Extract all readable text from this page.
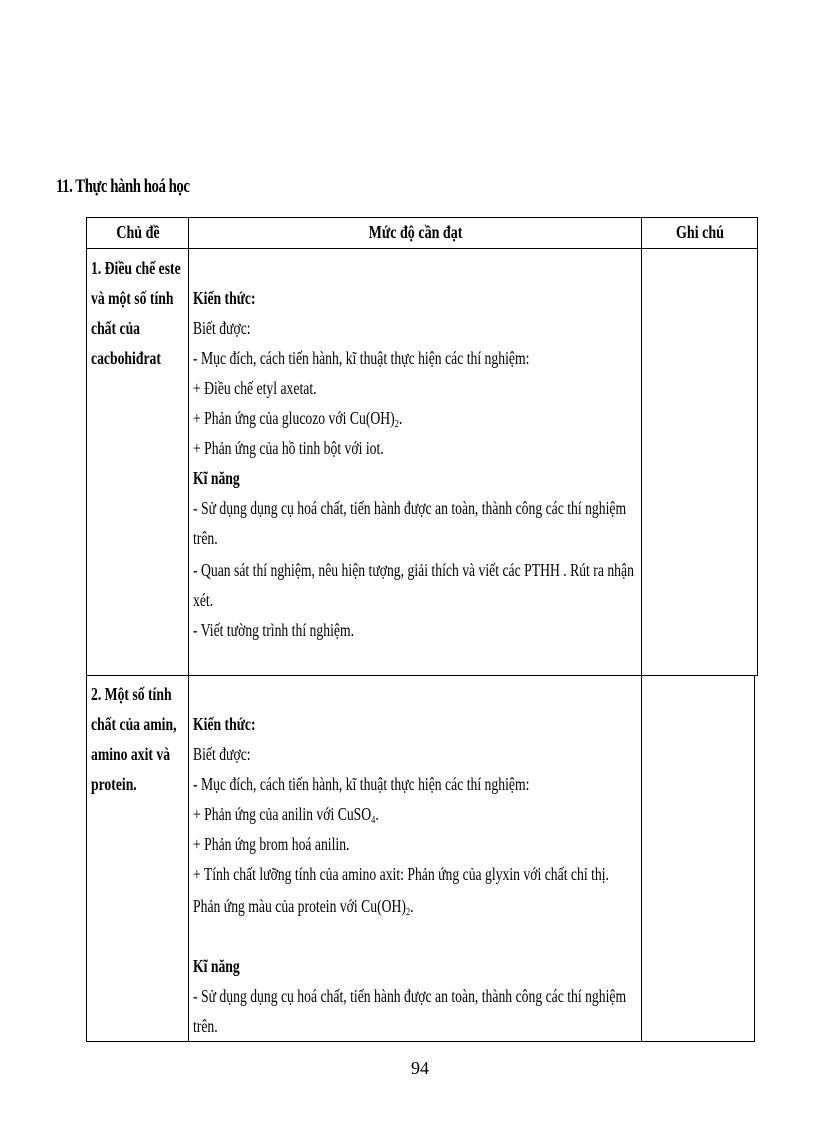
11. Thực hành hoá học
Chủ đề	Mức độ cần đạt	Ghi chú
1. Điều chế este
và một số tính
chất của
cacbohiđrat
Kiến thức:
Biết được:
- Mục đích, cách tiến hành, kĩ thuật thực hiện các thí nghiệm:
+ Điều chế etyl axetat.
+ Phản ứng của glucozo với $Cu(OH)_2$.
+ Phản ứng của hồ tinh bột với iot.
Kĩ năng
- Sử dụng dụng cụ hoá chất, tiến hành được an toàn, thành công các thí nghiệm
trên.
- Quan sát thí nghiệm, nêu hiện tượng, giải thích và viết các PTHH . Rút ra nhận
xét.
- Viết tường trình thí nghiệm.
2. Một số tính
chất của amin,
amino axit và
protein.
Kiến thức:
Biết được:
- Mục đích, cách tiến hành, kĩ thuật thực hiện các thí nghiệm:
+ Phản ứng của anilin với CuSO$_4$.
+ Phản ứng brom hoá anilin.
+ Tính chất lưỡng tính của amino axit: Phản ứng của glyxin với chất chỉ thị.
Phản ứng màu của protein với $Cu(OH)_2$.
Kĩ năng
- Sử dụng dụng cụ hoá chất, tiến hành được an toàn, thành công các thí nghiệm
trên.
94
